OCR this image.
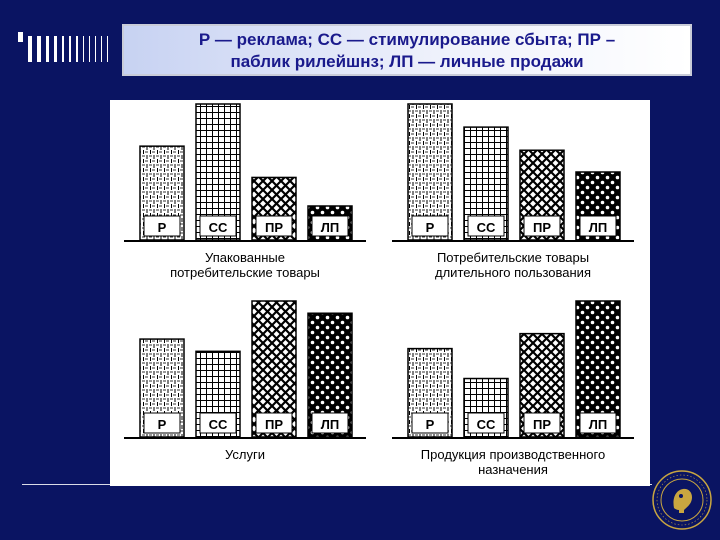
Р — реклама; СС — стимулирование сбыта; ПР –
паблик рилейшнз; ЛП — личные продажи
Р	СС	ПР	ЛП
Упакованные
потребительские товары
Р	СС	ПР	ЛП
Потребительские товары
длительного пользования
Р	СС	ПР	ЛП
Услуги
Р	СС	ПР	ЛП
Продукция производственного
назначения
